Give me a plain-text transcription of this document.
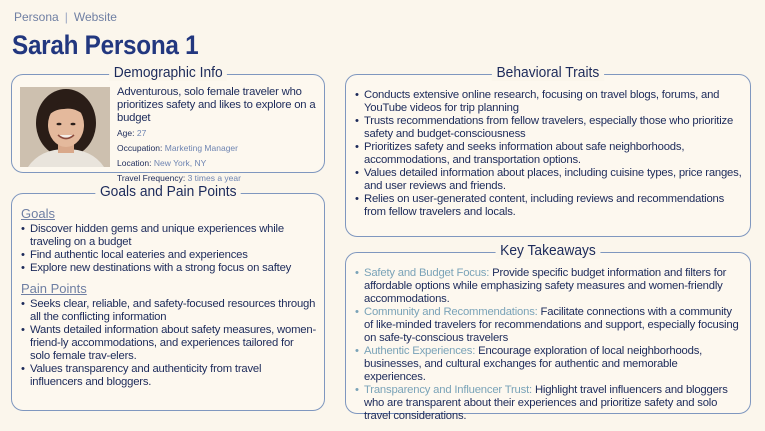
Persona | Website
Sarah Persona 1
Demographic Info
Adventurous, solo female traveler who prioritizes safety and likes to explore on a budget
Age: 27
Occupation: Marketing Manager
Location: New York, NY
Travel Frequency: 3 times a year
Goals and Pain Points
Goals
• Discover hidden gems and unique experiences while traveling on a budget
• Find authentic local eateries and experiences
• Explore new destinations with a strong focus on saftey
Pain Points
• Seeks clear, reliable, and safety-focused resources through all the conflicting information
• Wants detailed information about safety measures, women-friend-ly accommodations, and experiences tailored for solo female trav-elers.
• Values transparency and authenticity from travel influencers and bloggers.
Behavioral Traits
• Conducts extensive online research, focusing on travel blogs, forums, and YouTube videos for trip planning
• Trusts recommendations from fellow travelers, especially those who prioritize safety and budget-consciousness
• Prioritizes safety and seeks information about safe neighborhoods, accommodations, and transportation options.
• Values detailed information about places, including cuisine types, price ranges, and user reviews and friends.
• Relies on user-generated content, including reviews and recommendations from fellow travelers and locals.
Key Takeaways
• Safety and Budget Focus: Provide specific budget information and filters for affordable options while emphasizing safety measures and women-friendly accommodations.
• Community and Recommendations: Facilitate connections with a community of like-minded travelers for recommendations and support, especially focusing on safe-ty-conscious travelers
• Authentic Experiences: Encourage exploration of local neighborhoods, businesses, and cultural exchanges for authentic and memorable experiences.
• Transparency and Influencer Trust: Highlight travel influencers and bloggers who are transparent about their experiences and prioritize safety and solo travel considerations.
